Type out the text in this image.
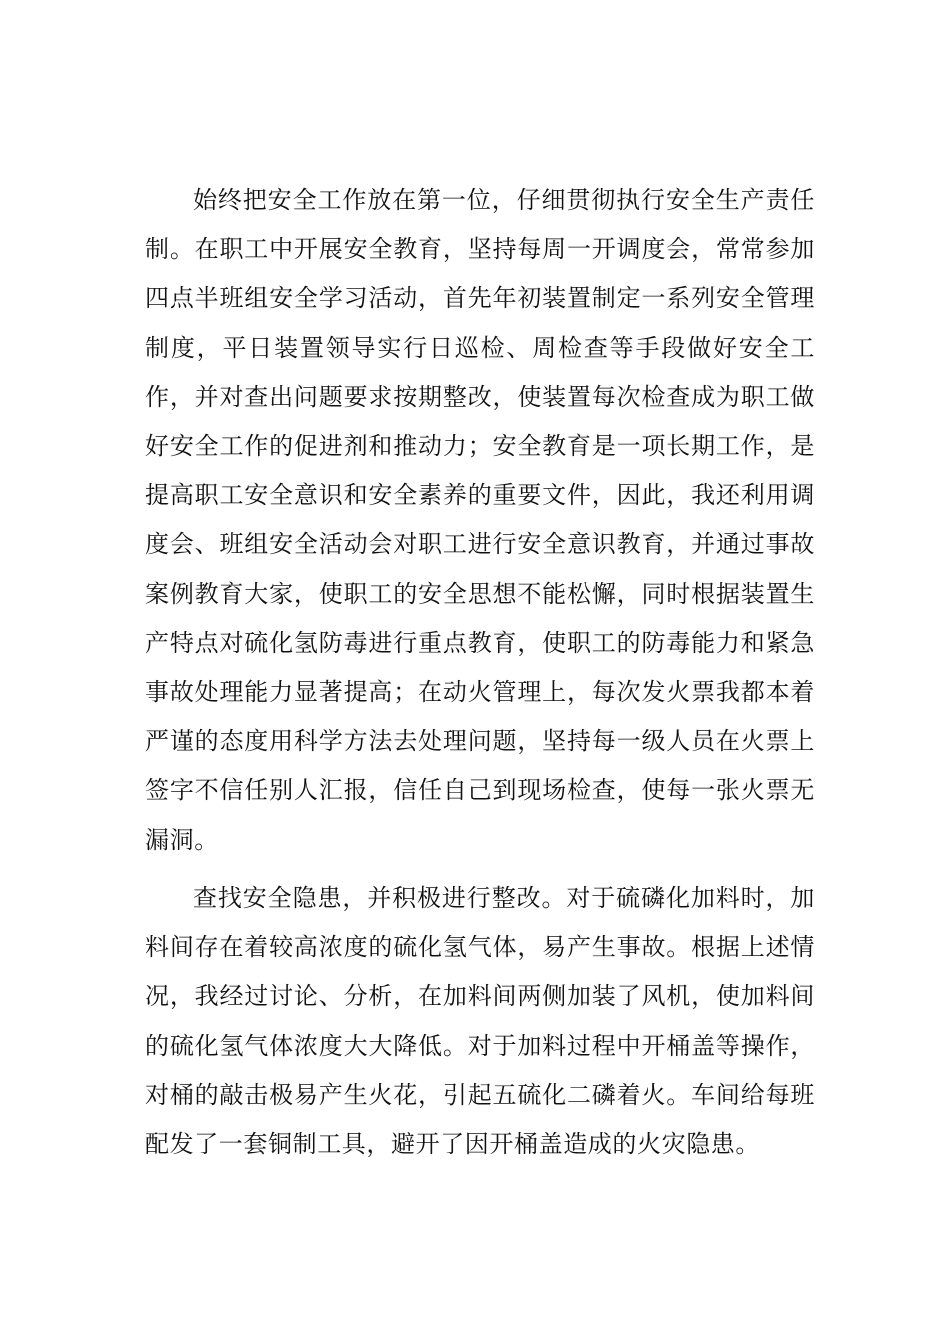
始终把安全工作放在第一位，仔细贯彻执行安全生产责任制。在职工中开展安全教育，坚持每周一开调度会，常常参加四点半班组安全学习活动，首先年初装置制定一系列安全管理制度，平日装置领导实行日巡检、周检查等手段做好安全工作，并对查出问题要求按期整改，使装置每次检查成为职工做好安全工作的促进剂和推动力；安全教育是一项长期工作，是提高职工安全意识和安全素养的重要文件，因此，我还利用调度会、班组安全活动会对职工进行安全意识教育，并通过事故案例教育大家，使职工的安全思想不能松懈，同时根据装置生产特点对硫化氢防毒进行重点教育，使职工的防毒能力和紧急事故处理能力显著提高；在动火管理上，每次发火票我都本着严谨的态度用科学方法去处理问题，坚持每一级人员在火票上签字不信任别人汇报，信任自己到现场检查，使每一张火票无漏洞。

查找安全隐患，并积极进行整改。对于硫磷化加料时，加料间存在着较高浓度的硫化氢气体，易产生事故。根据上述情况，我经过讨论、分析，在加料间两侧加装了风机，使加料间的硫化氢气体浓度大大降低。对于加料过程中开桶盖等操作，对桶的敲击极易产生火花，引起五硫化二磷着火。车间给每班配发了一套铜制工具，避开了因开桶盖造成的火灾隐患。
